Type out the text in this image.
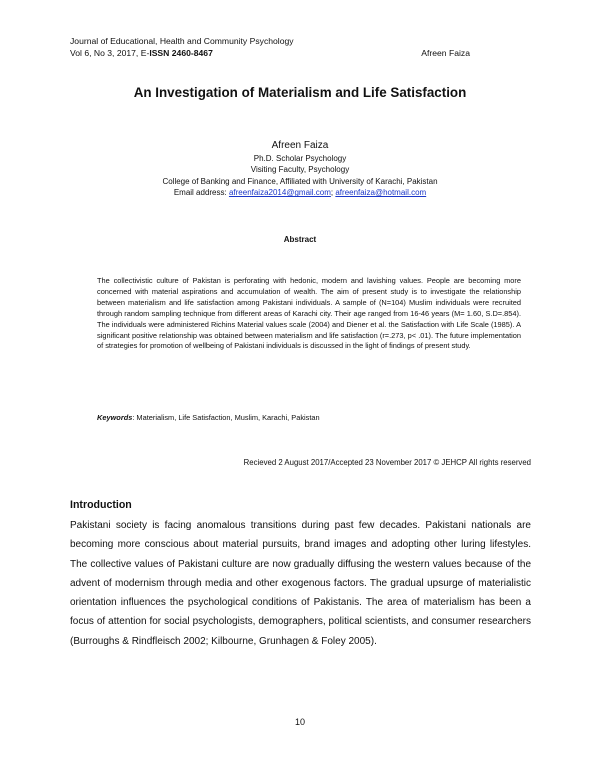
Journal of Educational, Health and Community Psychology
Vol 6, No 3, 2017, E-ISSN 2460-8467	Afreen Faiza
An Investigation of Materialism and Life Satisfaction
Afreen Faiza
Ph.D. Scholar Psychology
Visiting Faculty, Psychology
College of Banking and Finance, Affiliated with University of Karachi, Pakistan
Email address: afreenfaiza2014@gmail.com; afreenfaiza@hotmail.com
Abstract
The collectivistic culture of Pakistan is perforating with hedonic, modern and lavishing values. People are becoming more concerned with material aspirations and accumulation of wealth. The aim of present study is to investigate the relationship between materialism and life satisfaction among Pakistani individuals. A sample of (N=104) Muslim individuals were recruited through random sampling technique from different areas of Karachi city. Their age ranged from 16-46 years (M= 1.60, S.D=.854). The individuals were administered Richins Material values scale (2004) and Diener et al. the Satisfaction with Life Scale (1985). A significant positive relationship was obtained between materialism and life satisfaction (r=.273, p< .01). The future implementation of strategies for promotion of wellbeing of Pakistani individuals is discussed in the light of findings of present study.
Keywords: Materialism, Life Satisfaction, Muslim, Karachi, Pakistan
Recieved 2 August 2017/Accepted 23 November 2017 © JEHCP All rights reserved
Introduction
Pakistani society is facing anomalous transitions during past few decades. Pakistani nationals are becoming more conscious about material pursuits, brand images and adopting other luring lifestyles. The collective values of Pakistani culture are now gradually diffusing the western values because of the advent of modernism through media and other exogenous factors. The gradual upsurge of materialistic orientation influences the psychological conditions of Pakistanis. The area of materialism has been a focus of attention for social psychologists, demographers, political scientists, and consumer researchers (Burroughs & Rindfleisch 2002; Kilbourne, Grunhagen & Foley 2005).
10
